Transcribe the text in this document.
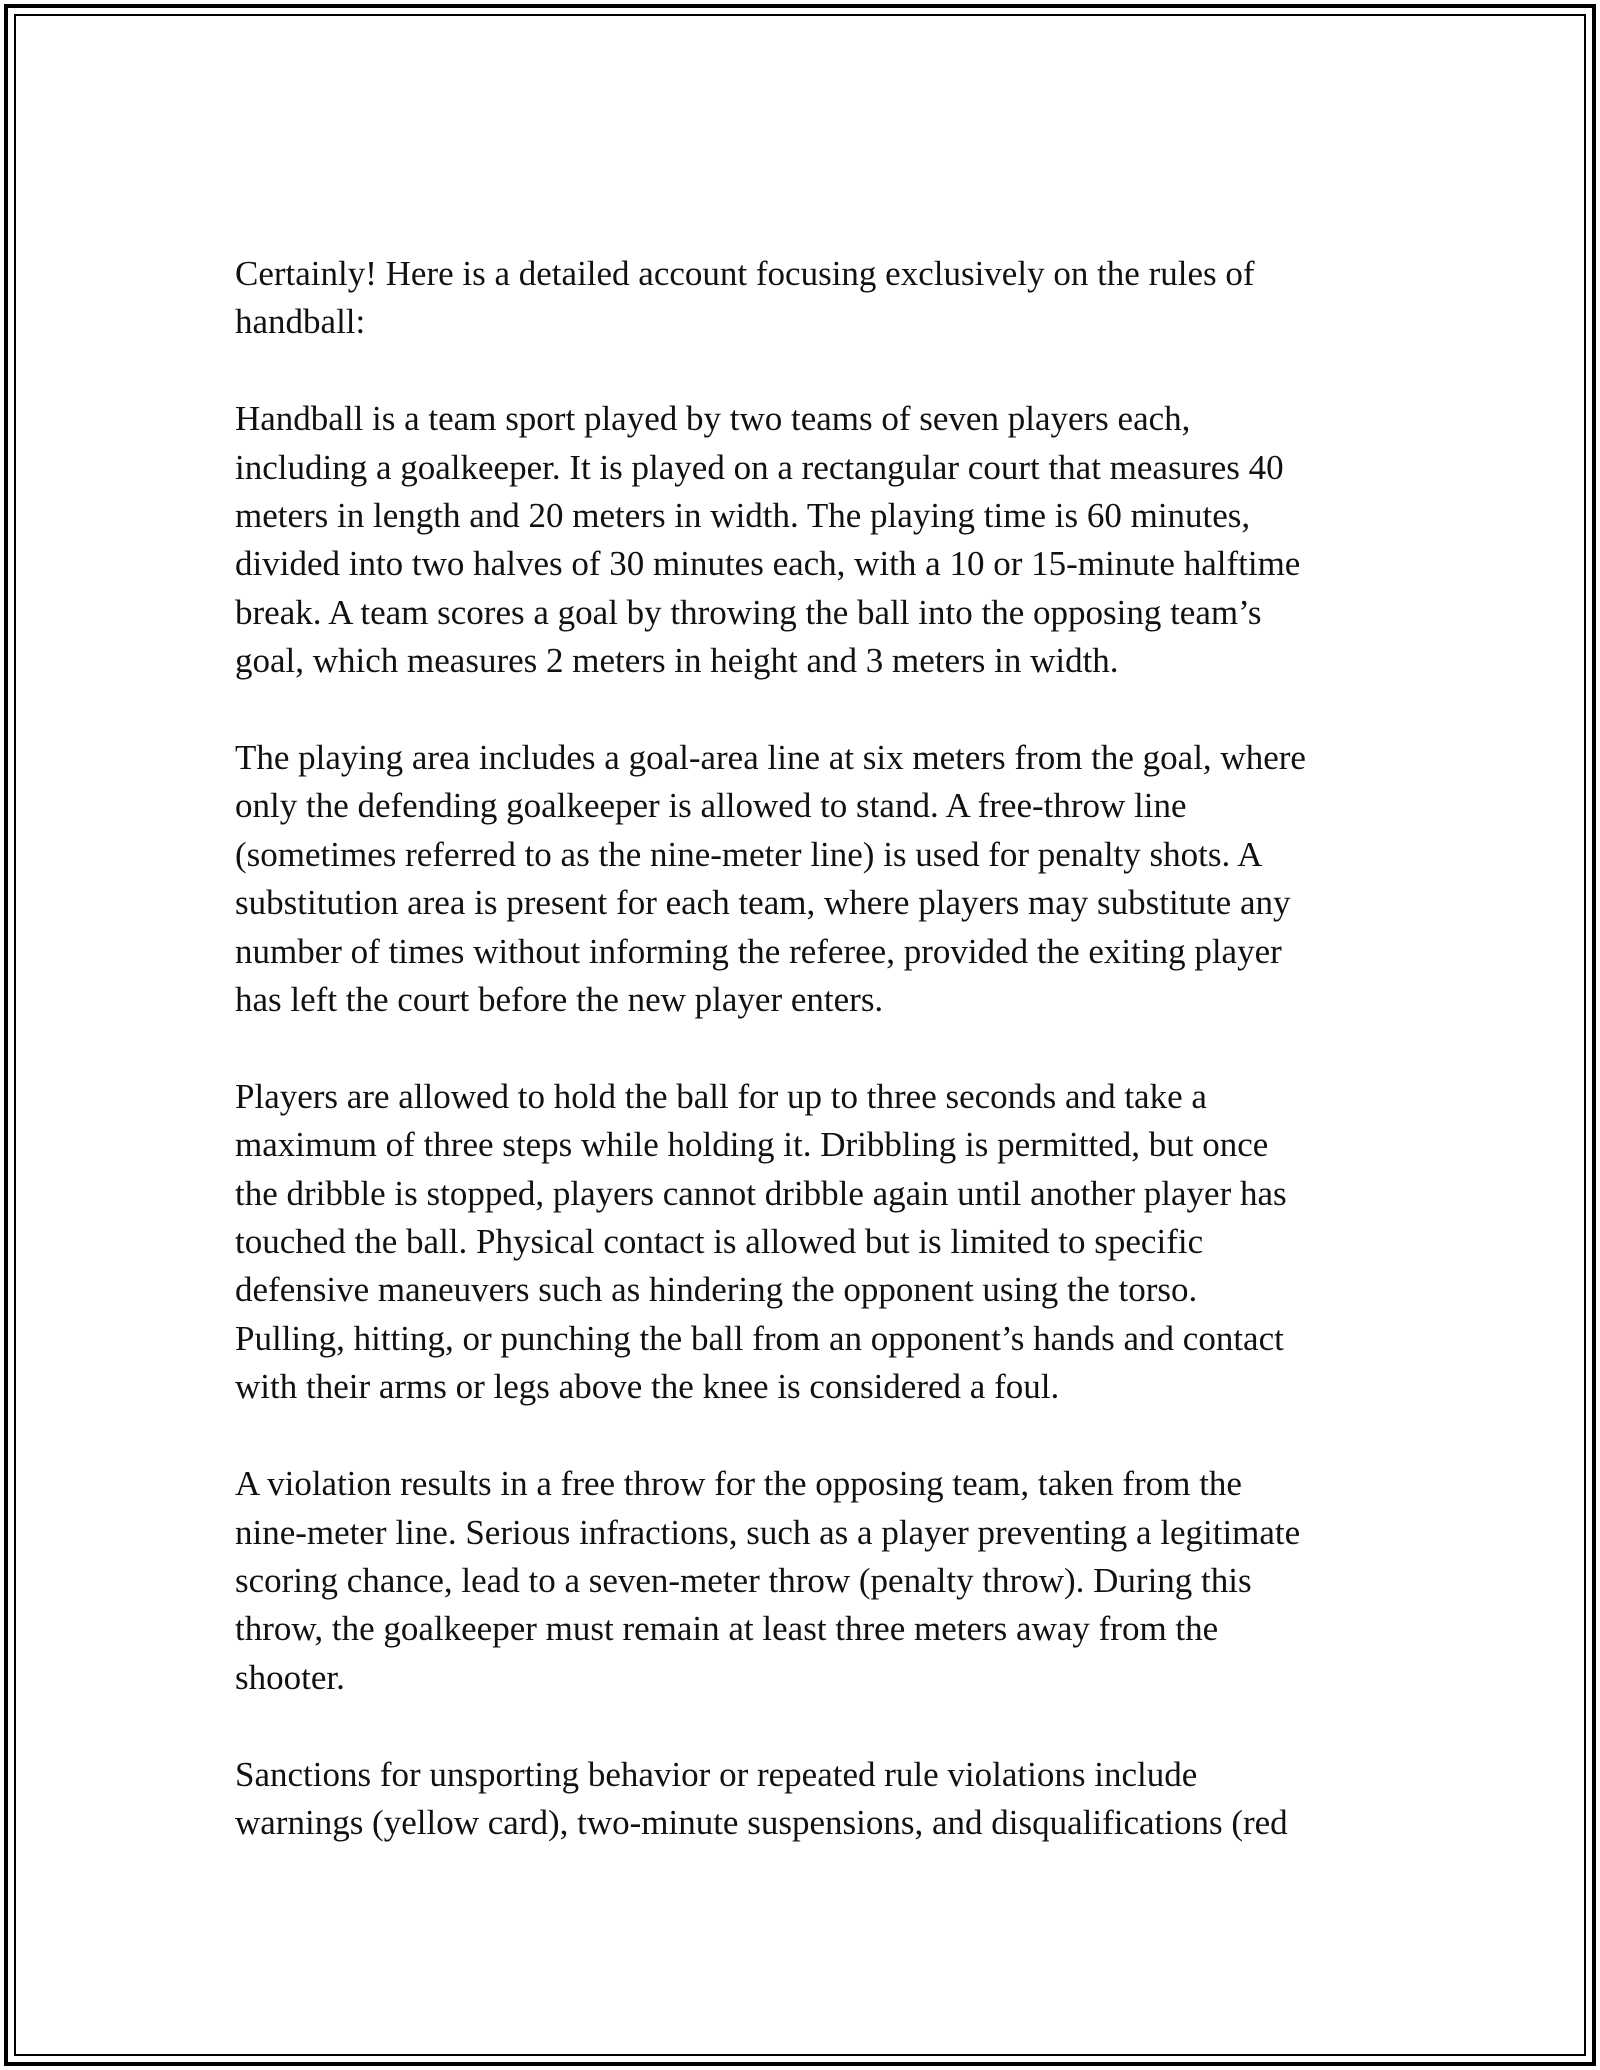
Certainly! Here is a detailed account focusing exclusively on the rules of
handball:

Handball is a team sport played by two teams of seven players each,
including a goalkeeper. It is played on a rectangular court that measures 40
meters in length and 20 meters in width. The playing time is 60 minutes,
divided into two halves of 30 minutes each, with a 10 or 15-minute halftime
break. A team scores a goal by throwing the ball into the opposing team’s
goal, which measures 2 meters in height and 3 meters in width.

The playing area includes a goal-area line at six meters from the goal, where
only the defending goalkeeper is allowed to stand. A free-throw line
(sometimes referred to as the nine-meter line) is used for penalty shots. A
substitution area is present for each team, where players may substitute any
number of times without informing the referee, provided the exiting player
has left the court before the new player enters.

Players are allowed to hold the ball for up to three seconds and take a
maximum of three steps while holding it. Dribbling is permitted, but once
the dribble is stopped, players cannot dribble again until another player has
touched the ball. Physical contact is allowed but is limited to specific
defensive maneuvers such as hindering the opponent using the torso.
Pulling, hitting, or punching the ball from an opponent’s hands and contact
with their arms or legs above the knee is considered a foul.

A violation results in a free throw for the opposing team, taken from the
nine-meter line. Serious infractions, such as a player preventing a legitimate
scoring chance, lead to a seven-meter throw (penalty throw). During this
throw, the goalkeeper must remain at least three meters away from the
shooter.

Sanctions for unsporting behavior or repeated rule violations include
warnings (yellow card), two-minute suspensions, and disqualifications (red
